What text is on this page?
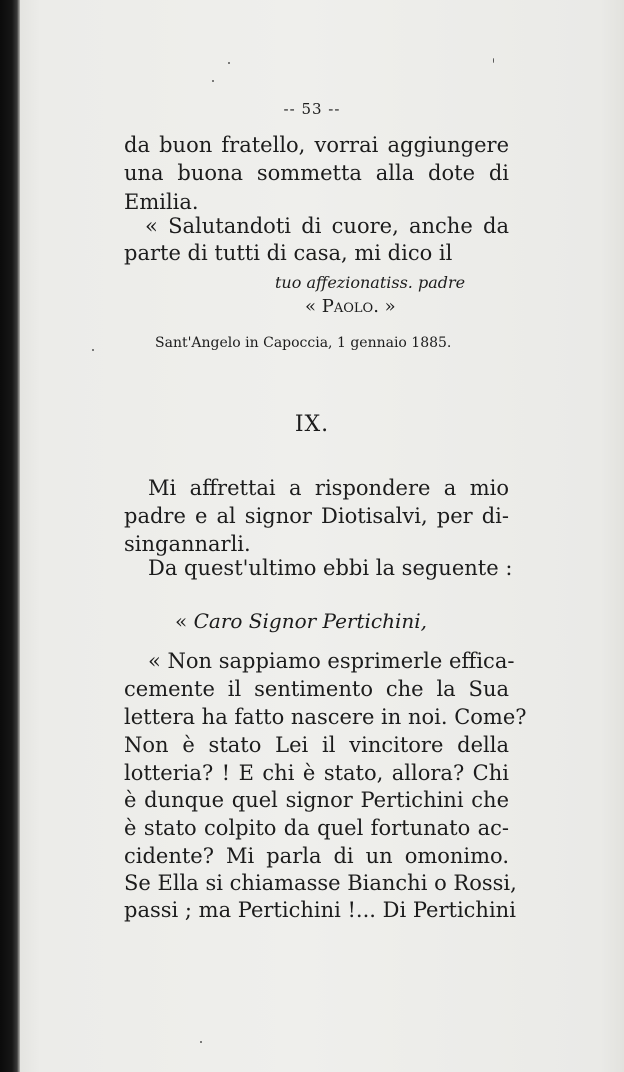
-- 53 --
da buon fratello, vorrai aggiungere
una buona sommetta alla dote di
Emilia.
« Salutandoti di cuore, anche da
parte di tutti di casa, mi dico il
tuo affezionatiss. padre
« Paolo. »
Sant'Angelo in Capoccia, 1 gennaio 1885.
IX.
Mi affrettai a rispondere a mio
padre e al signor Diotisalvi, per di-
singannarli.
Da quest'ultimo ebbi la seguente :
« Caro Signor Pertichini,
« Non sappiamo esprimerle effica-
cemente il sentimento che la Sua
lettera ha fatto nascere in noi. Come?
Non è stato Lei il vincitore della
lotteria? ! E chi è stato, allora? Chi
è dunque quel signor Pertichini che
è stato colpito da quel fortunato ac-
cidente? Mi parla di un omonimo.
Se Ella si chiamasse Bianchi o Rossi,
passi ; ma Pertichini !... Di Pertichini
